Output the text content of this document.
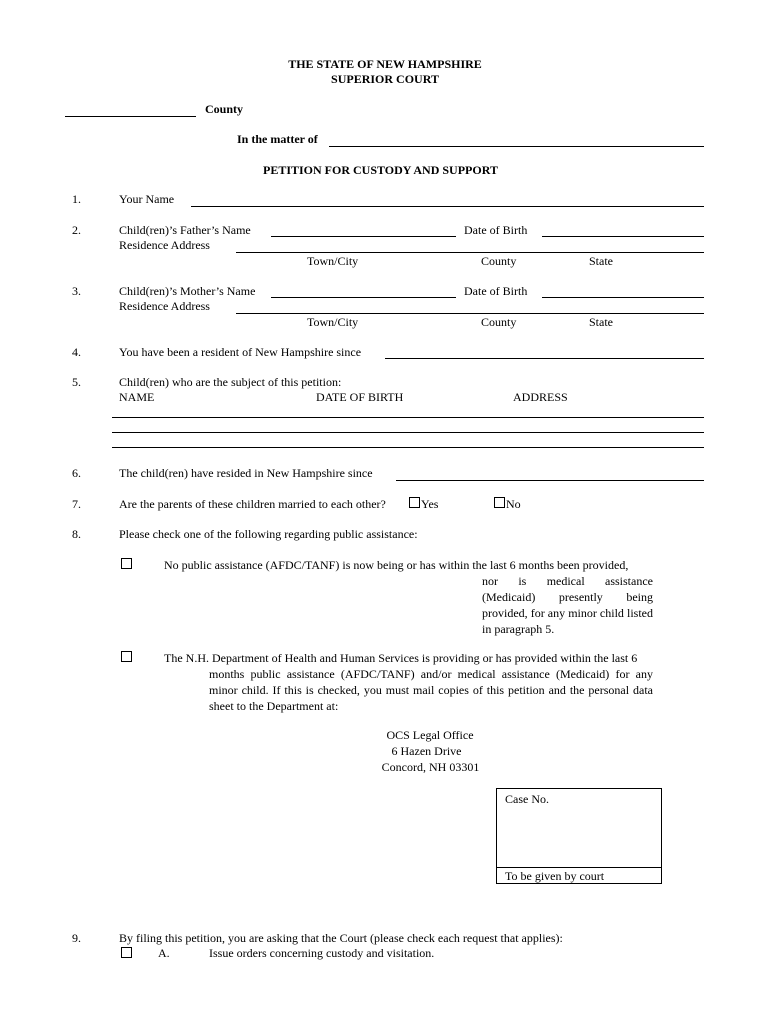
THE STATE OF NEW HAMPSHIRE
SUPERIOR COURT
County
In the matter of
PETITION FOR CUSTODY AND SUPPORT
1.	Your Name
2.	Child(ren)’s Father’s Name	Date of Birth
Residence Address
Town/City	County	State
3.	Child(ren)’s Mother’s Name	Date of Birth
Residence Address
Town/City	County	State
4.	You have been a resident of New Hampshire since
5.	Child(ren) who are the subject of this petition:
NAME	DATE OF BIRTH	ADDRESS
6.	The child(ren) have resided in New Hampshire since
7.	Are the parents of these children married to each other?	Yes	No
8.	Please check one of the following regarding public assistance:
No public assistance (AFDC/TANF) is now being or has within the last 6 months been provided,
nor is medical assistance (Medicaid) presently being provided, for any minor child listed in paragraph 5.
The N.H. Department of Health and Human Services is providing or has provided within the last 6
months public assistance (AFDC/TANF) and/or medical assistance (Medicaid) for any minor child. If this is checked, you must mail copies of this petition and the personal data sheet to the Department at:
OCS Legal Office
6 Hazen Drive
Concord, NH 03301
Case No.
To be given by court
9.	By filing this petition, you are asking that the Court (please check each request that applies):
A.	Issue orders concerning custody and visitation.
